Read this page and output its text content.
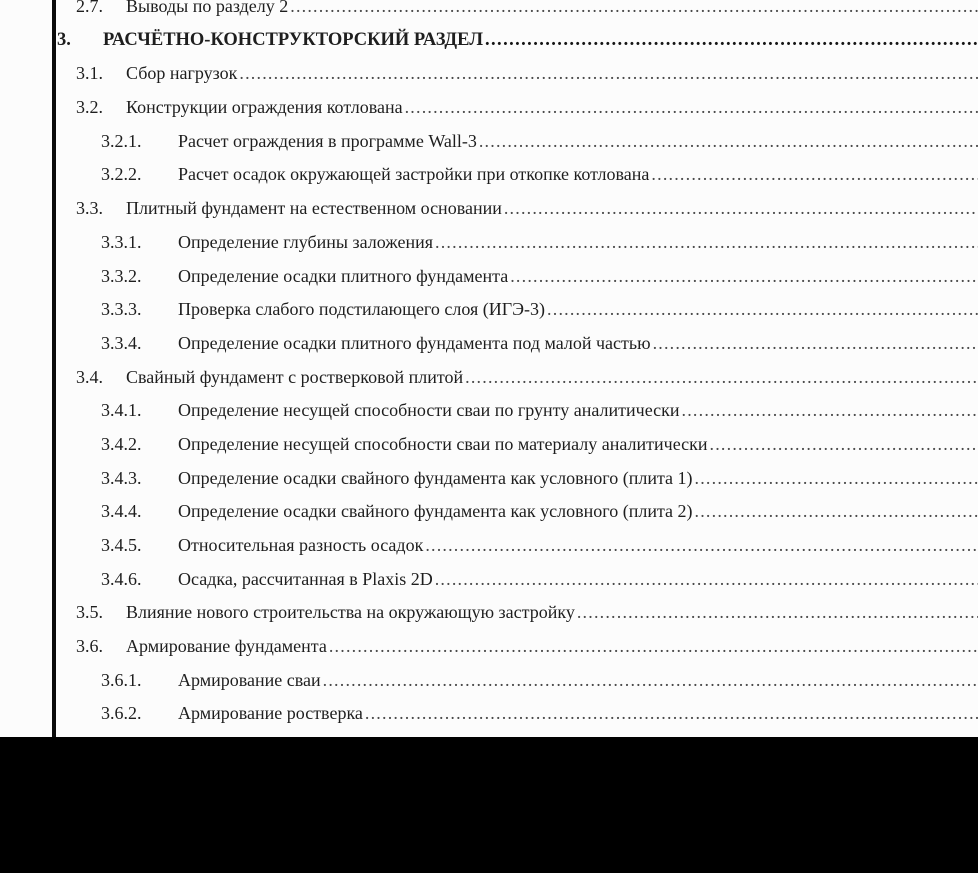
2.7. Выводы по разделу 2 .....
3. РАСЧЁТНО-КОНСТРУКТОРСКИЙ РАЗДЕЛ .....
3.1. Сбор нагрузок .....
3.2. Конструкции ограждения котлована .....
3.2.1. Расчет ограждения в программе Wall-3 .....
3.2.2. Расчет осадок окружающей застройки при откопке котлована .....
3.3. Плитный фундамент на естественном основании .....
3.3.1. Определение глубины заложения .....
3.3.2. Определение осадки плитного фундамента .....
3.3.3. Проверка слабого подстилающего слоя (ИГЭ-3) .....
3.3.4. Определение осадки плитного фундамента под малой частью .....
3.4. Свайный фундамент с ростверковой плитой .....
3.4.1. Определение несущей способности сваи по грунту аналитически .....
3.4.2. Определение несущей способности сваи по материалу аналитически .....
3.4.3. Определение осадки свайного фундамента как условного (плита 1) .....
3.4.4. Определение осадки свайного фундамента как условного (плита 2) .....
3.4.5. Относительная разность осадок .....
3.4.6. Осадка, рассчитанная в Plaxis 2D .....
3.5. Влияние нового строительства на окружающую застройку .....
3.6. Армирование фундамента .....
3.6.1. Армирование сваи .....
3.6.2. Армирование ростверка .....
